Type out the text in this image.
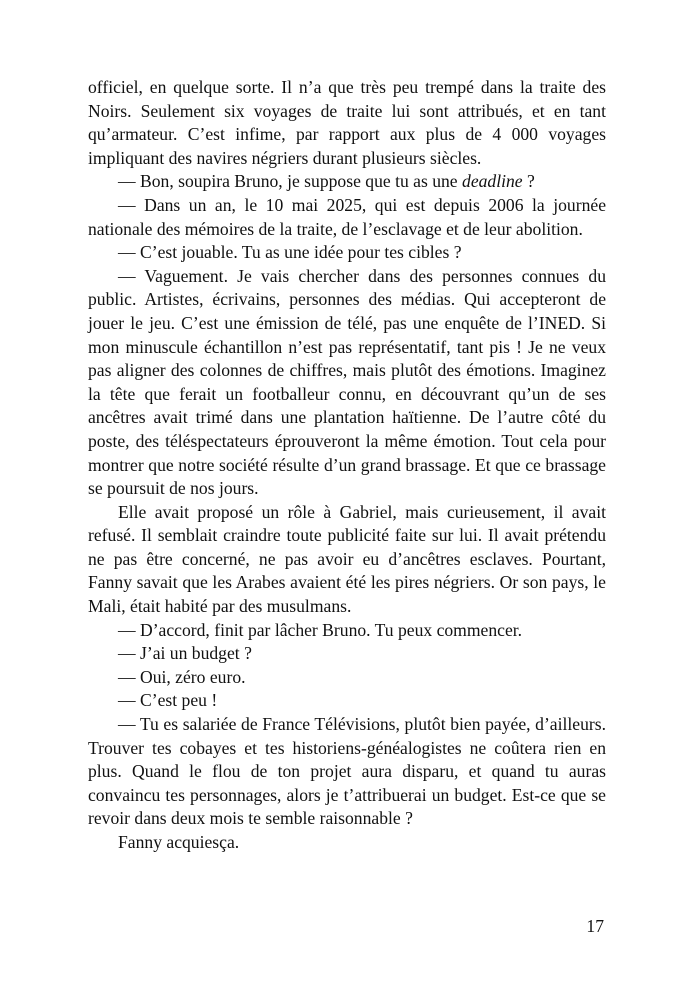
officiel, en quelque sorte. Il n’a que très peu trempé dans la traite des Noirs. Seulement six voyages de traite lui sont attribués, et en tant qu’armateur. C’est infime, par rapport aux plus de 4 000 voyages impliquant des navires négriers durant plusieurs siècles.

— Bon, soupira Bruno, je suppose que tu as une deadline ?

— Dans un an, le 10 mai 2025, qui est depuis 2006 la journée nationale des mémoires de la traite, de l’esclavage et de leur abolition.

— C’est jouable. Tu as une idée pour tes cibles ?

— Vaguement. Je vais chercher dans des personnes connues du public. Artistes, écrivains, personnes des médias. Qui accepteront de jouer le jeu. C’est une émission de télé, pas une enquête de l’INED. Si mon minuscule échantillon n’est pas représentatif, tant pis ! Je ne veux pas aligner des colonnes de chiffres, mais plutôt des émotions. Imaginez la tête que ferait un footballeur connu, en découvrant qu’un de ses ancêtres avait trimé dans une plantation haïtienne. De l’autre côté du poste, des téléspectateurs éprouveront la même émotion. Tout cela pour montrer que notre société résulte d’un grand brassage. Et que ce brassage se poursuit de nos jours.

Elle avait proposé un rôle à Gabriel, mais curieusement, il avait refusé. Il semblait craindre toute publicité faite sur lui. Il avait prétendu ne pas être concerné, ne pas avoir eu d’ancêtres esclaves. Pourtant, Fanny savait que les Arabes avaient été les pires négriers. Or son pays, le Mali, était habité par des musulmans.

— D’accord, finit par lâcher Bruno. Tu peux commencer.

— J’ai un budget ?

— Oui, zéro euro.

— C’est peu !

— Tu es salariée de France Télévisions, plutôt bien payée, d’ailleurs. Trouver tes cobayes et tes historiens-généalogistes ne coûtera rien en plus. Quand le flou de ton projet aura disparu, et quand tu auras convaincu tes personnages, alors je t’attribuerai un budget. Est-ce que se revoir dans deux mois te semble raisonnable ?

Fanny acquiesça.

17
